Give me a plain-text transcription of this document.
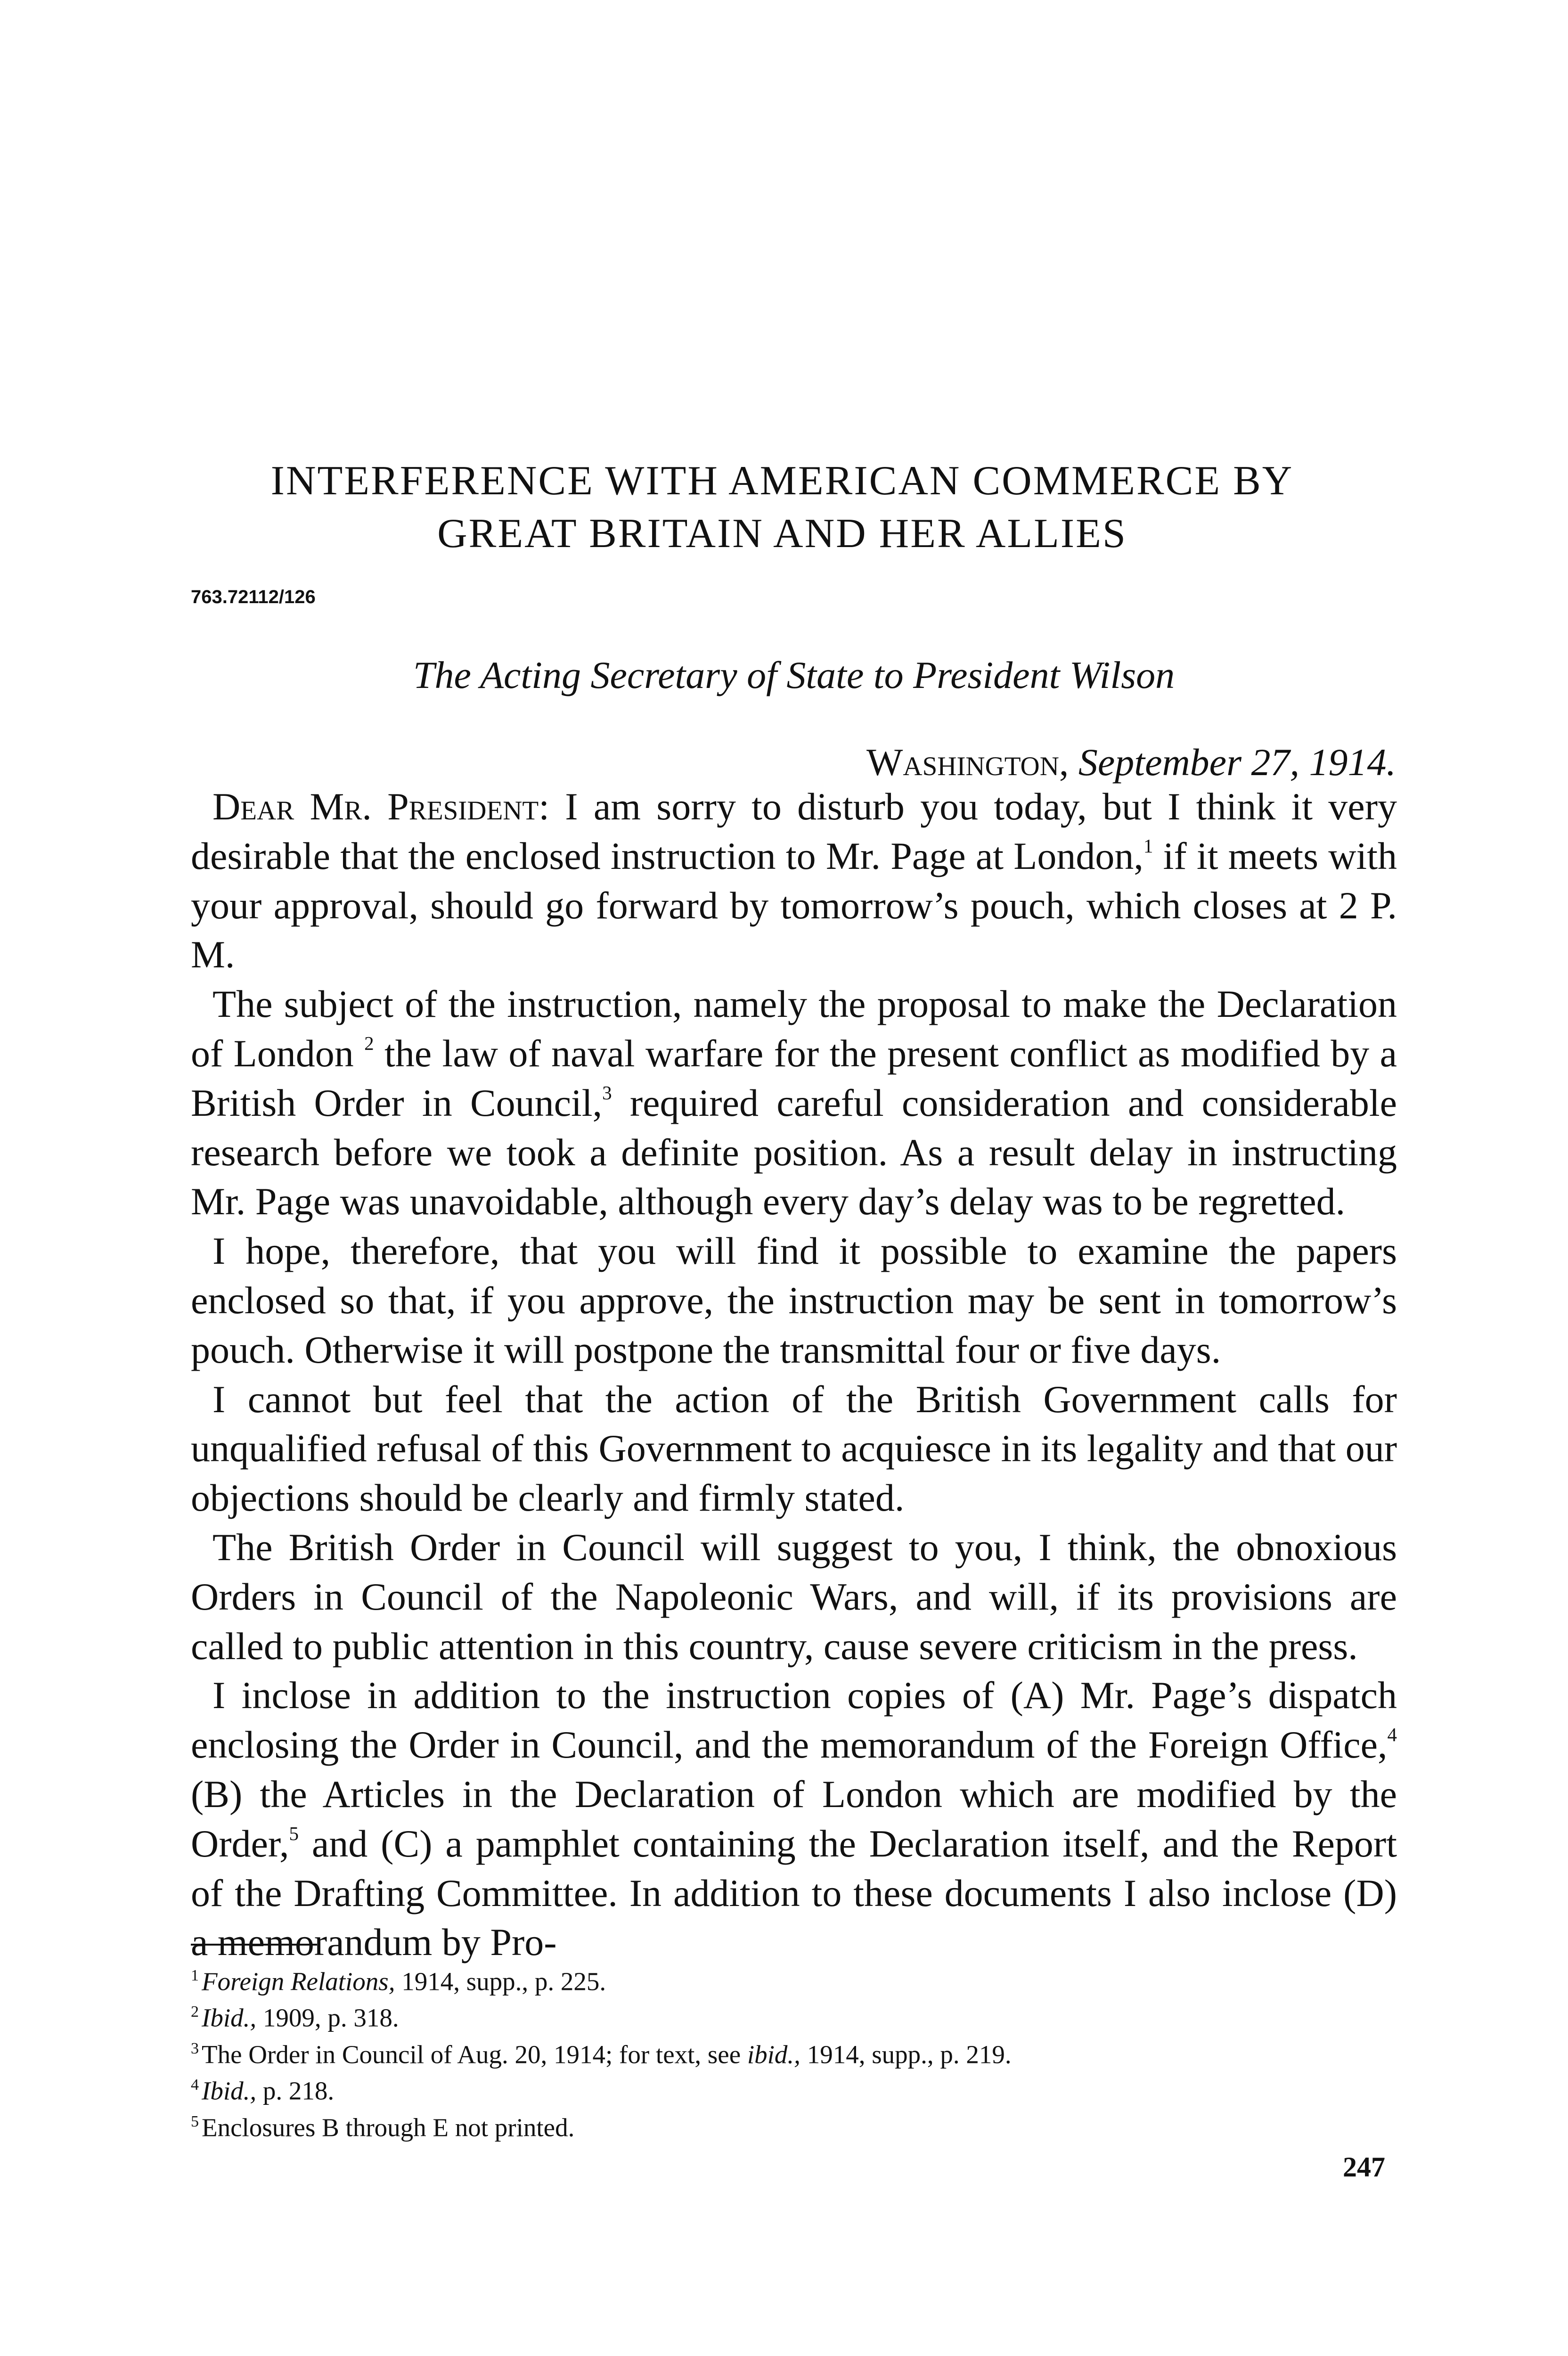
INTERFERENCE WITH AMERICAN COMMERCE BY
GREAT BRITAIN AND HER ALLIES
763.72112/126
The Acting Secretary of State to President Wilson
Washington, September 27, 1914.

Dear Mr. President: I am sorry to disturb you today, but I think it very desirable that the enclosed instruction to Mr. Page at London,$^1$ if it meets with your approval, should go forward by tomorrow’s pouch, which closes at 2 P. M.

The subject of the instruction, namely the proposal to make the Declaration of London $^2$ the law of naval warfare for the present conflict as modified by a British Order in Council,$^3$ required careful consideration and considerable research before we took a definite position. As a result delay in instructing Mr. Page was unavoidable, although every day’s delay was to be regretted.

I hope, therefore, that you will find it possible to examine the papers enclosed so that, if you approve, the instruction may be sent in tomorrow’s pouch. Otherwise it will postpone the transmittal four or five days.

I cannot but feel that the action of the British Government calls for unqualified refusal of this Government to acquiesce in its legality and that our objections should be clearly and firmly stated.

The British Order in Council will suggest to you, I think, the obnoxious Orders in Council of the Napoleonic Wars, and will, if its provisions are called to public attention in this country, cause severe criticism in the press.

I inclose in addition to the instruction copies of (A) Mr. Page’s dispatch enclosing the Order in Council, and the memorandum of the Foreign Office,$^4$ (B) the Articles in the Declaration of London which are modified by the Order,$^5$ and (C) a pamphlet containing the Declaration itself, and the Report of the Drafting Committee. In addition to these documents I also inclose (D) a memorandum by Pro-

$^1$ Foreign Relations, 1914, supp., p. 225.
$^2$ Ibid., 1909, p. 318.
$^3$ The Order in Council of Aug. 20, 1914; for text, see ibid., 1914, supp., p. 219.
$^4$ Ibid., p. 218.
$^5$ Enclosures B through E not printed.
247
